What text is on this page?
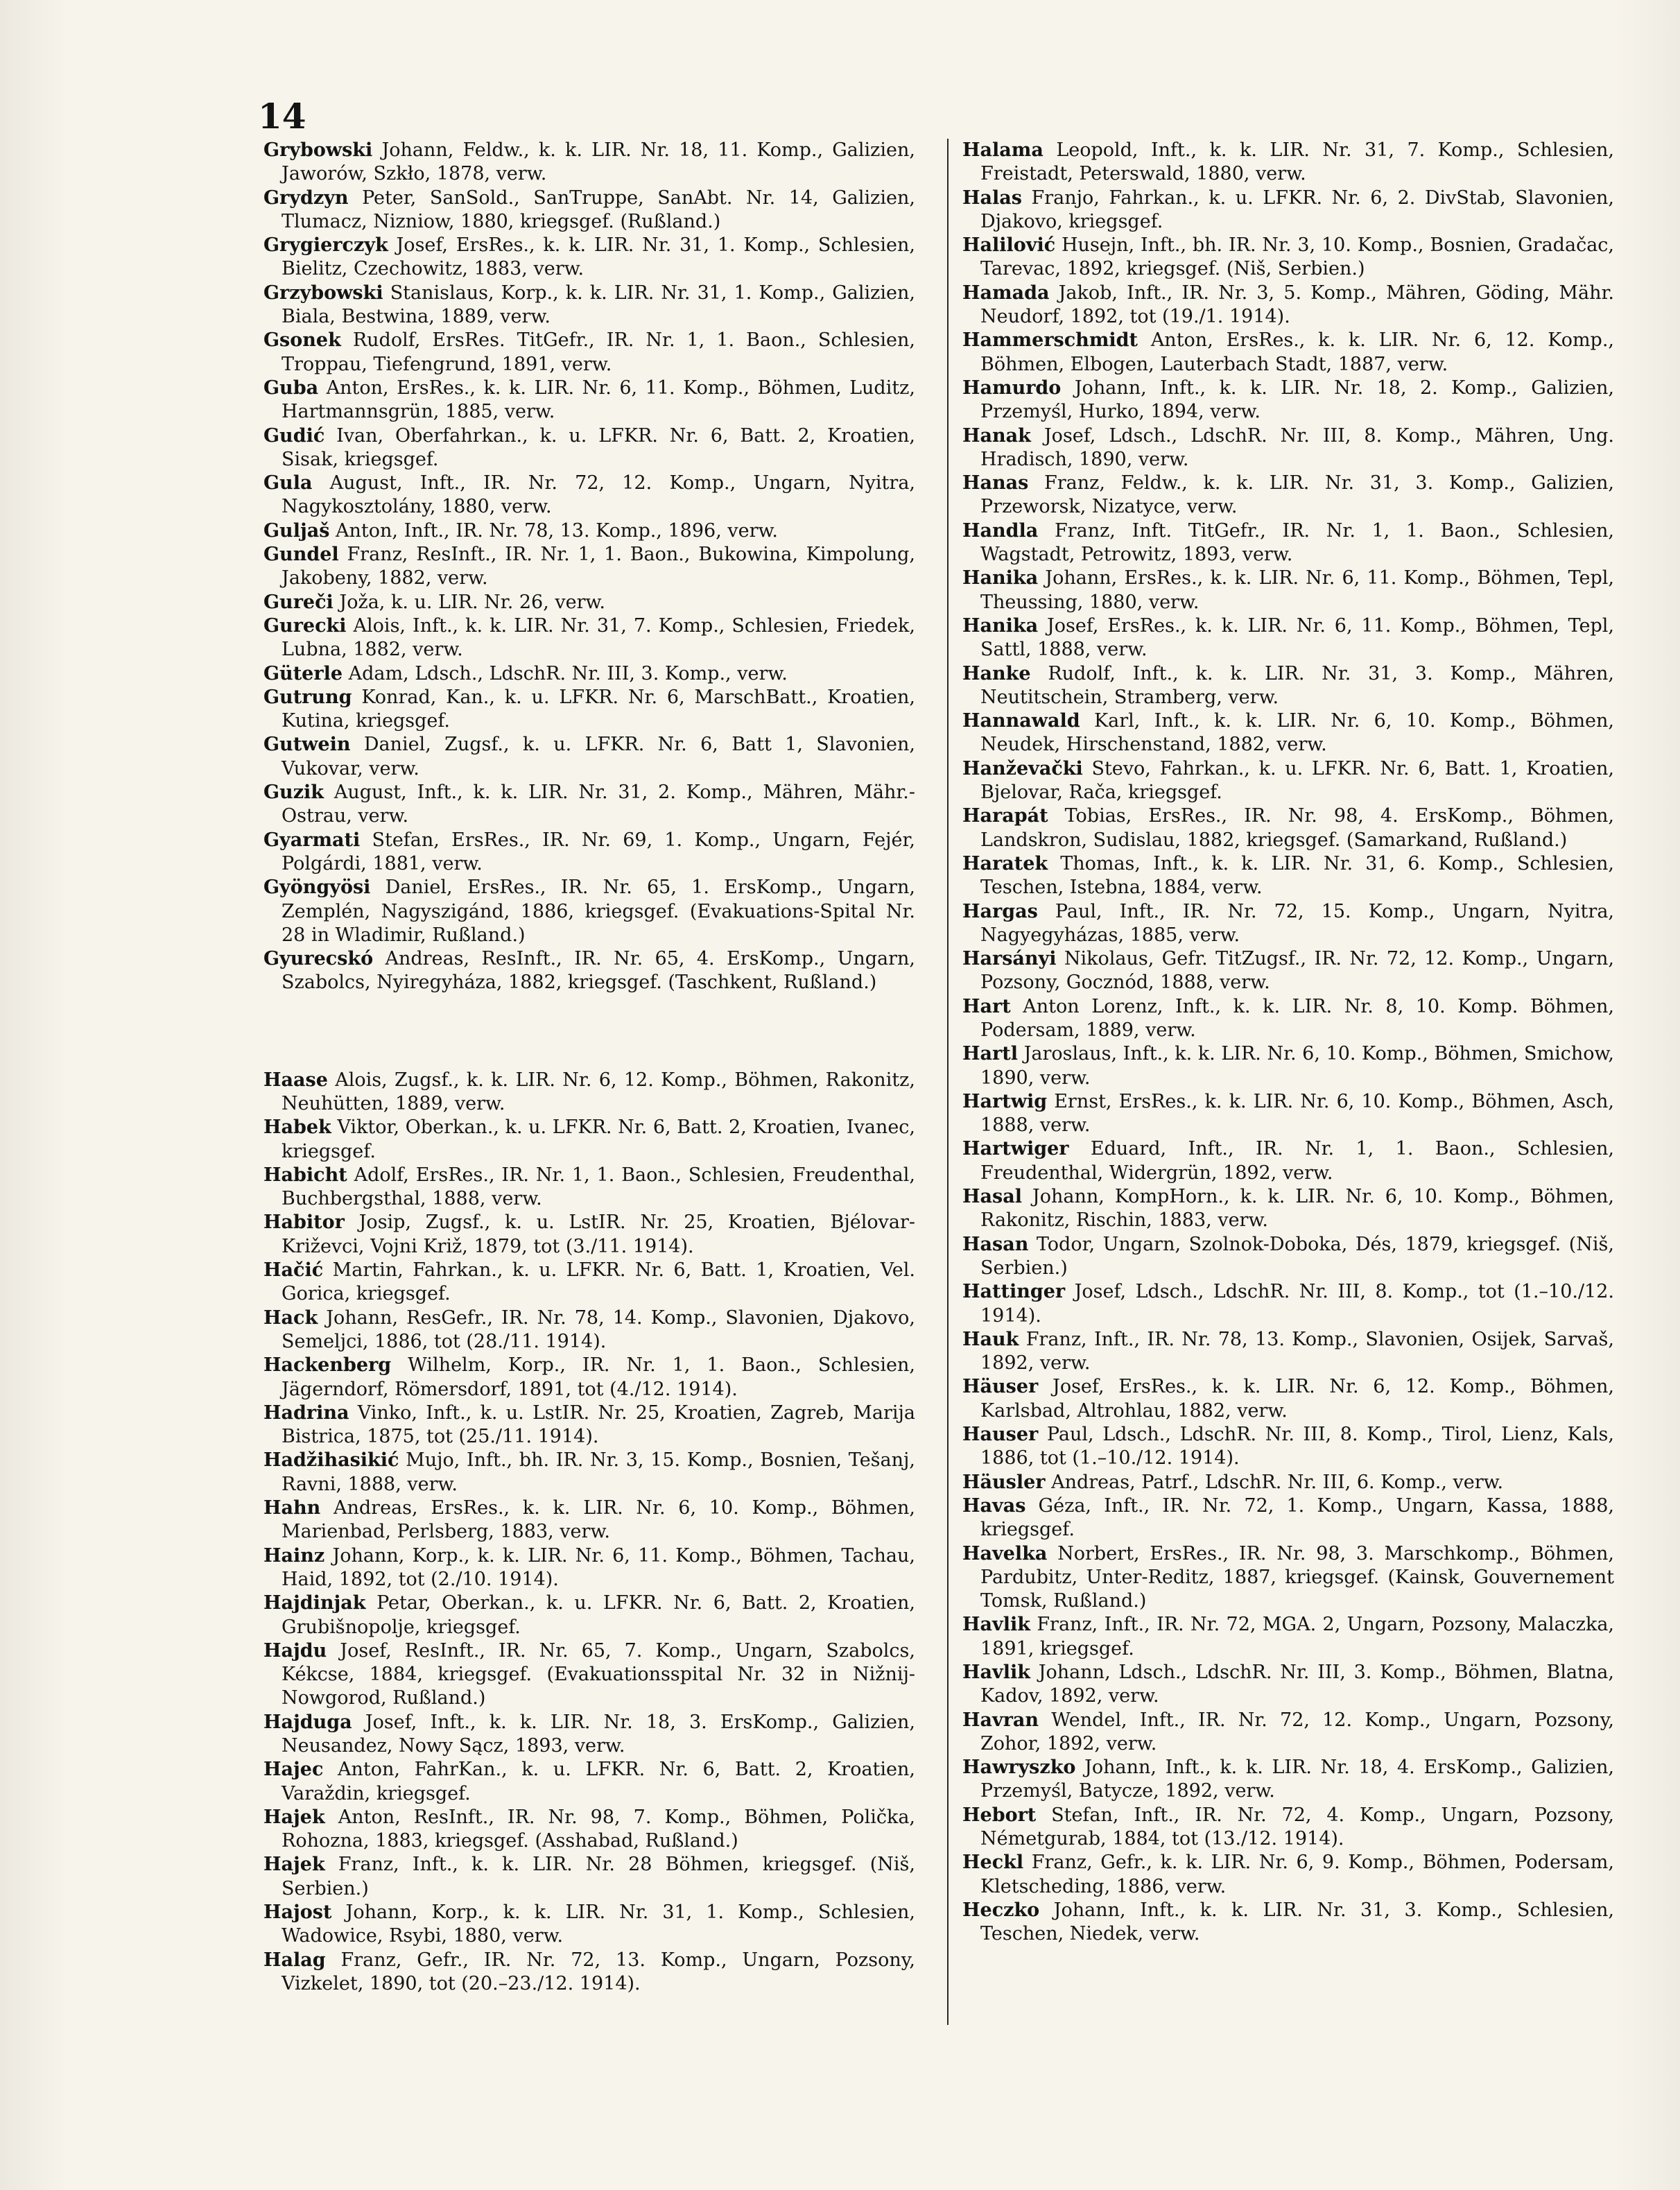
14

Grybowski Johann, Feldw., k. k. LIR. Nr. 18, 11. Komp., Galizien, Jaworów, Szkło, 1878, verw.

Grydzyn Peter, SanSold., SanTruppe, SanAbt. Nr. 14, Galizien, Tlumacz, Nizniow, 1880, kriegsgef. (Rußland.)

Grygierczyk Josef, ErsRes., k. k. LIR. Nr. 31, 1. Komp., Schlesien, Bielitz, Czechowitz, 1883, verw.

Grzybowski Stanislaus, Korp., k. k. LIR. Nr. 31, 1. Komp., Galizien, Biala, Bestwina, 1889, verw.

Gsonek Rudolf, ErsRes. TitGefr., IR. Nr. 1, 1. Baon., Schlesien, Troppau, Tiefengrund, 1891, verw.

Guba Anton, ErsRes., k. k. LIR. Nr. 6, 11. Komp., Böhmen, Luditz, Hartmannsgrün, 1885, verw.

Gudić Ivan, Oberfahrkan., k. u. LFKR. Nr. 6, Batt. 2, Kroatien, Sisak, kriegsgef.

Gula August, Inft., IR. Nr. 72, 12. Komp., Ungarn, Nyitra, Nagykosztolány, 1880, verw.

Guljaš Anton, Inft., IR. Nr. 78, 13. Komp., 1896, verw.

Gundel Franz, ResInft., IR. Nr. 1, 1. Baon., Bukowina, Kimpolung, Jakobeny, 1882, verw.

Gureči Joža, k. u. LIR. Nr. 26, verw.

Gurecki Alois, Inft., k. k. LIR. Nr. 31, 7. Komp., Schlesien, Friedek, Lubna, 1882, verw.

Güterle Adam, Ldsch., LdschR. Nr. III, 3. Komp., verw.

Gutrung Konrad, Kan., k. u. LFKR. Nr. 6, MarschBatt., Kroatien, Kutina, kriegsgef.

Gutwein Daniel, Zugsf., k. u. LFKR. Nr. 6, Batt 1, Slavonien, Vukovar, verw.

Guzik August, Inft., k. k. LIR. Nr. 31, 2. Komp., Mähren, Mähr.-Ostrau, verw.

Gyarmati Stefan, ErsRes., IR. Nr. 69, 1. Komp., Ungarn, Fejér, Polgárdi, 1881, verw.

Gyöngyösi Daniel, ErsRes., IR. Nr. 65, 1. ErsKomp., Ungarn, Zemplén, Nagyszigánd, 1886, kriegsgef. (Evakuations-Spital Nr. 28 in Wladimir, Rußland.)

Gyurecskó Andreas, ResInft., IR. Nr. 65, 4. ErsKomp., Ungarn, Szabolcs, Nyiregyháza, 1882, kriegsgef. (Taschkent, Rußland.)

Haase Alois, Zugsf., k. k. LIR. Nr. 6, 12. Komp., Böhmen, Rakonitz, Neuhütten, 1889, verw.

Habek Viktor, Oberkan., k. u. LFKR. Nr. 6, Batt. 2, Kroatien, Ivanec, kriegsgef.

Habicht Adolf, ErsRes., IR. Nr. 1, 1. Baon., Schlesien, Freudenthal, Buchbergsthal, 1888, verw.

Habitor Josip, Zugsf., k. u. LstIR. Nr. 25, Kroatien, Bjélovar-Križevci, Vojni Križ, 1879, tot (3./11. 1914).

Hačić Martin, Fahrkan., k. u. LFKR. Nr. 6, Batt. 1, Kroatien, Vel. Gorica, kriegsgef.

Hack Johann, ResGefr., IR. Nr. 78, 14. Komp., Slavonien, Djakovo, Semeljci, 1886, tot (28./11. 1914).

Hackenberg Wilhelm, Korp., IR. Nr. 1, 1. Baon., Schlesien, Jägerndorf, Römersdorf, 1891, tot (4./12. 1914).

Hadrina Vinko, Inft., k. u. LstIR. Nr. 25, Kroatien, Zagreb, Marija Bistrica, 1875, tot (25./11. 1914).

Hadžihasikić Mujo, Inft., bh. IR. Nr. 3, 15. Komp., Bosnien, Tešanj, Ravni, 1888, verw.

Hahn Andreas, ErsRes., k. k. LIR. Nr. 6, 10. Komp., Böhmen, Marienbad, Perlsberg, 1883, verw.

Hainz Johann, Korp., k. k. LIR. Nr. 6, 11. Komp., Böhmen, Tachau, Haid, 1892, tot (2./10. 1914).

Hajdinjak Petar, Oberkan., k. u. LFKR. Nr. 6, Batt. 2, Kroatien, Grubišnopolje, kriegsgef.

Hajdu Josef, ResInft., IR. Nr. 65, 7. Komp., Ungarn, Szabolcs, Kékcse, 1884, kriegsgef. (Evakuationsspital Nr. 32 in Nižnij-Nowgorod, Rußland.)

Hajduga Josef, Inft., k. k. LIR. Nr. 18, 3. ErsKomp., Galizien, Neusandez, Nowy Sącz, 1893, verw.

Hajec Anton, FahrKan., k. u. LFKR. Nr. 6, Batt. 2, Kroatien, Varaždin, kriegsgef.

Hajek Anton, ResInft., IR. Nr. 98, 7. Komp., Böhmen, Polička, Rohozna, 1883, kriegsgef. (Asshabad, Rußland.)

Hajek Franz, Inft., k. k. LIR. Nr. 28 Böhmen, kriegsgef. (Niš, Serbien.)

Hajost Johann, Korp., k. k. LIR. Nr. 31, 1. Komp., Schlesien, Wadowice, Rsybi, 1880, verw.

Halag Franz, Gefr., IR. Nr. 72, 13. Komp., Ungarn, Pozsony, Vizkelet, 1890, tot (20.–23./12. 1914).

Halama Leopold, Inft., k. k. LIR. Nr. 31, 7. Komp., Schlesien, Freistadt, Peterswald, 1880, verw.

Halas Franjo, Fahrkan., k. u. LFKR. Nr. 6, 2. DivStab, Slavonien, Djakovo, kriegsgef.

Halilović Husejn, Inft., bh. IR. Nr. 3, 10. Komp., Bosnien, Gradačac, Tarevac, 1892, kriegsgef. (Niš, Serbien.)

Hamada Jakob, Inft., IR. Nr. 3, 5. Komp., Mähren, Göding, Mähr. Neudorf, 1892, tot (19./1. 1914).

Hammerschmidt Anton, ErsRes., k. k. LIR. Nr. 6, 12. Komp., Böhmen, Elbogen, Lauterbach Stadt, 1887, verw.

Hamurdo Johann, Inft., k. k. LIR. Nr. 18, 2. Komp., Galizien, Przemyśl, Hurko, 1894, verw.

Hanak Josef, Ldsch., LdschR. Nr. III, 8. Komp., Mähren, Ung. Hradisch, 1890, verw.

Hanas Franz, Feldw., k. k. LIR. Nr. 31, 3. Komp., Galizien, Przeworsk, Nizatyce, verw.

Handla Franz, Inft. TitGefr., IR. Nr. 1, 1. Baon., Schlesien, Wagstadt, Petrowitz, 1893, verw.

Hanika Johann, ErsRes., k. k. LIR. Nr. 6, 11. Komp., Böhmen, Tepl, Theussing, 1880, verw.

Hanika Josef, ErsRes., k. k. LIR. Nr. 6, 11. Komp., Böhmen, Tepl, Sattl, 1888, verw.

Hanke Rudolf, Inft., k. k. LIR. Nr. 31, 3. Komp., Mähren, Neutitschein, Stramberg, verw.

Hannawald Karl, Inft., k. k. LIR. Nr. 6, 10. Komp., Böhmen, Neudek, Hirschenstand, 1882, verw.

Hanževački Stevo, Fahrkan., k. u. LFKR. Nr. 6, Batt. 1, Kroatien, Bjelovar, Rača, kriegsgef.

Harapát Tobias, ErsRes., IR. Nr. 98, 4. ErsKomp., Böhmen, Landskron, Sudislau, 1882, kriegsgef. (Samarkand, Rußland.)

Haratek Thomas, Inft., k. k. LIR. Nr. 31, 6. Komp., Schlesien, Teschen, Istebna, 1884, verw.

Hargas Paul, Inft., IR. Nr. 72, 15. Komp., Ungarn, Nyitra, Nagyegyházas, 1885, verw.

Harsányi Nikolaus, Gefr. TitZugsf., IR. Nr. 72, 12. Komp., Ungarn, Pozsony, Gocznód, 1888, verw.

Hart Anton Lorenz, Inft., k. k. LIR. Nr. 8, 10. Komp. Böhmen, Podersam, 1889, verw.

Hartl Jaroslaus, Inft., k. k. LIR. Nr. 6, 10. Komp., Böhmen, Smichow, 1890, verw.

Hartwig Ernst, ErsRes., k. k. LIR. Nr. 6, 10. Komp., Böhmen, Asch, 1888, verw.

Hartwiger Eduard, Inft., IR. Nr. 1, 1. Baon., Schlesien, Freudenthal, Widergrün, 1892, verw.

Hasal Johann, KompHorn., k. k. LIR. Nr. 6, 10. Komp., Böhmen, Rakonitz, Rischin, 1883, verw.

Hasan Todor, Ungarn, Szolnok-Doboka, Dés, 1879, kriegsgef. (Niš, Serbien.)

Hattinger Josef, Ldsch., LdschR. Nr. III, 8. Komp., tot (1.–10./12. 1914).

Hauk Franz, Inft., IR. Nr. 78, 13. Komp., Slavonien, Osijek, Sarvaš, 1892, verw.

Häuser Josef, ErsRes., k. k. LIR. Nr. 6, 12. Komp., Böhmen, Karlsbad, Altrohlau, 1882, verw.

Hauser Paul, Ldsch., LdschR. Nr. III, 8. Komp., Tirol, Lienz, Kals, 1886, tot (1.–10./12. 1914).

Häusler Andreas, Patrf., LdschR. Nr. III, 6. Komp., verw.

Havas Géza, Inft., IR. Nr. 72, 1. Komp., Ungarn, Kassa, 1888, kriegsgef.

Havelka Norbert, ErsRes., IR. Nr. 98, 3. Marschkomp., Böhmen, Pardubitz, Unter-Reditz, 1887, kriegsgef. (Kainsk, Gouvernement Tomsk, Rußland.)

Havlik Franz, Inft., IR. Nr. 72, MGA. 2, Ungarn, Pozsony, Malaczka, 1891, kriegsgef.

Havlik Johann, Ldsch., LdschR. Nr. III, 3. Komp., Böhmen, Blatna, Kadov, 1892, verw.

Havran Wendel, Inft., IR. Nr. 72, 12. Komp., Ungarn, Pozsony, Zohor, 1892, verw.

Hawryszko Johann, Inft., k. k. LIR. Nr. 18, 4. ErsKomp., Galizien, Przemyśl, Batycze, 1892, verw.

Hebort Stefan, Inft., IR. Nr. 72, 4. Komp., Ungarn, Pozsony, Németgurab, 1884, tot (13./12. 1914).

Heckl Franz, Gefr., k. k. LIR. Nr. 6, 9. Komp., Böhmen, Podersam, Kletscheding, 1886, verw.

Heczko Johann, Inft., k. k. LIR. Nr. 31, 3. Komp., Schlesien, Teschen, Niedek, verw.
